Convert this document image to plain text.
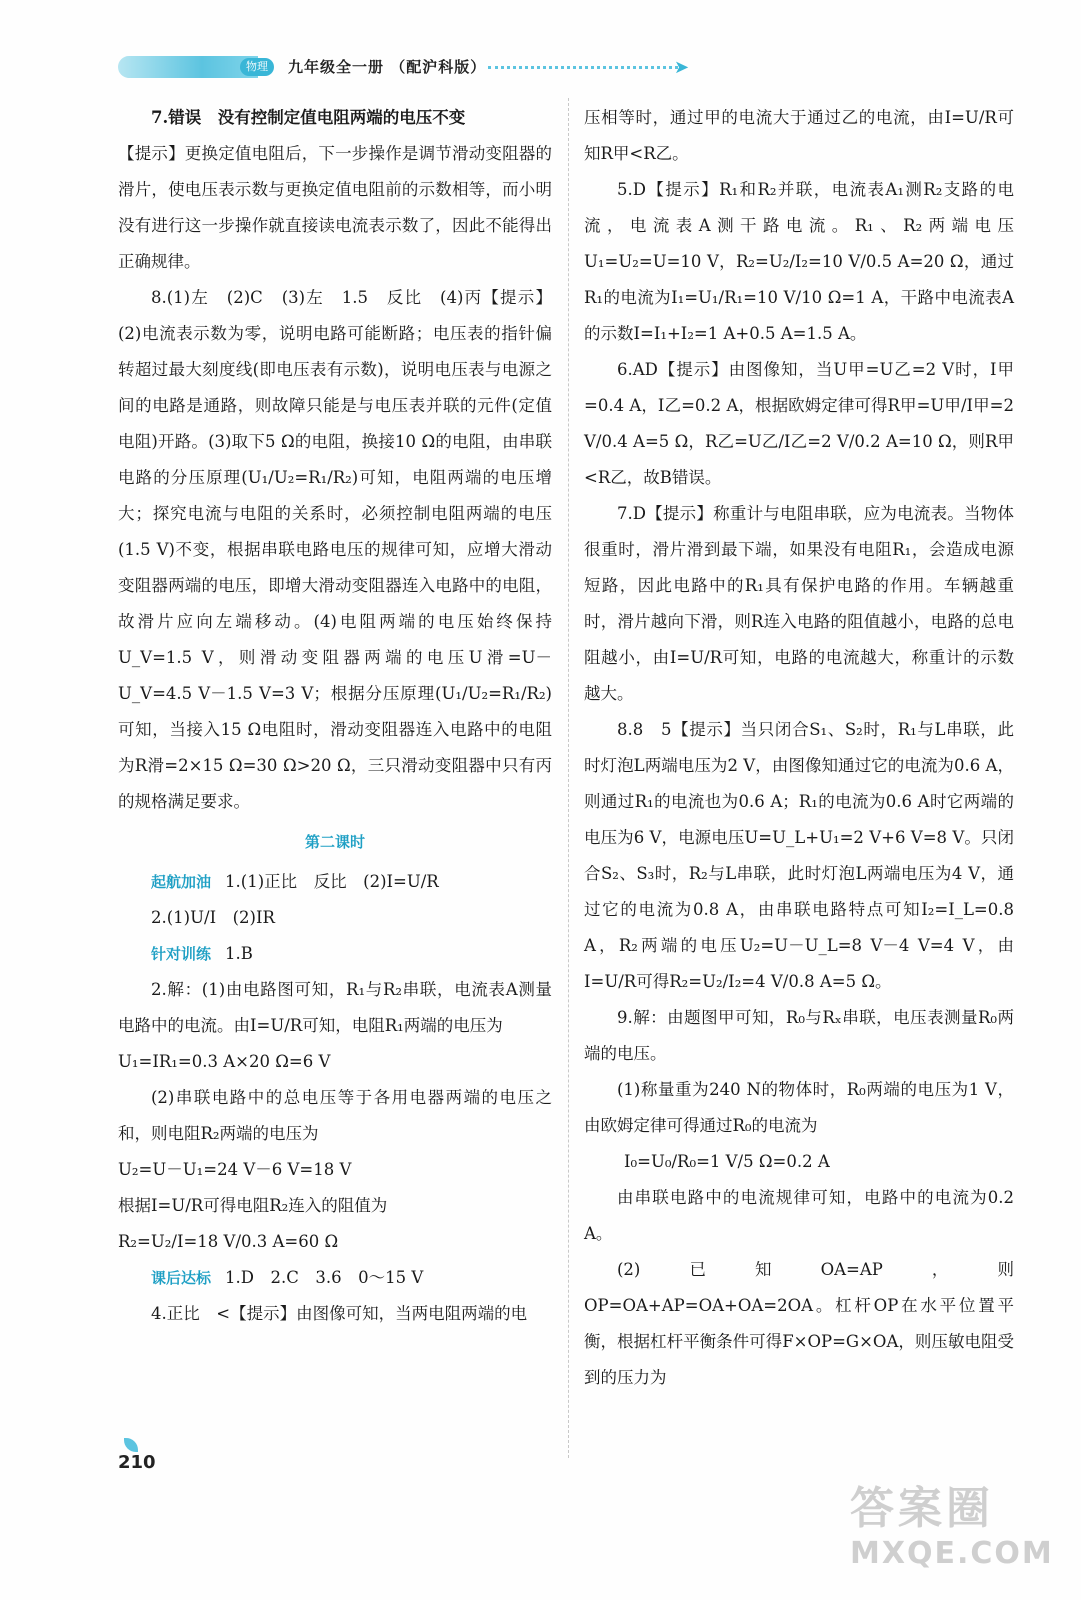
物理	九年级全一册 （配沪科版）	➤

7.错误　没有控制定值电阻两端的电压不变

【提示】更换定值电阻后，下一步操作是调节滑动变阻器的滑片，使电压表示数与更换定值电阻前的示数相等，而小明没有进行这一步操作就直接读电流表示数了，因此不能得出正确规律。

8.(1)左　(2)C　(3)左　1.5　反比　(4)丙【提示】(2)电流表示数为零，说明电路可能断路；电压表的指针偏转超过最大刻度线(即电压表有示数)，说明电压表与电源之间的电路是通路，则故障只能是与电压表并联的元件(定值电阻)开路。(3)取下5 Ω的电阻，换接10 Ω的电阻，由串联电路的分压原理(U₁/U₂=R₁/R₂)可知，电阻两端的电压增大；探究电流与电阻的关系时，必须控制电阻两端的电压(1.5 V)不变，根据串联电路电压的规律可知，应增大滑动变阻器两端的电压，即增大滑动变阻器连入电路中的电阻，故滑片应向左端移动。(4)电阻两端的电压始终保持U_V=1.5 V，则滑动变阻器两端的电压U滑=U－U_V=4.5 V－1.5 V=3 V；根据分压原理(U₁/U₂=R₁/R₂)可知，当接入15 Ω电阻时，滑动变阻器连入电路中的电阻为R滑=2×15 Ω=30 Ω>20 Ω，三只滑动变阻器中只有丙的规格满足要求。

第二课时

起航加油 1.(1)正比　反比　(2)I=U/R

2.(1)U/I　(2)IR

针对训练 1.B

2.解：(1)由电路图可知，R₁与R₂串联，电流表A测量电路中的电流。由I=U/R可知，电阻R₁两端的电压为

U₁=IR₁=0.3 A×20 Ω=6 V

(2)串联电路中的总电压等于各用电器两端的电压之和，则电阻R₂两端的电压为

U₂=U－U₁=24 V－6 V=18 V

根据I=U/R可得电阻R₂连入的阻值为

R₂=U₂/I=18 V/0.3 A=60 Ω

课后达标 1.D　2.C　3.6　0～15 V

4.正比　<【提示】由图像可知，当两电阻两端的电

压相等时，通过甲的电流大于通过乙的电流，由I=U/R可知R甲<R乙。

5.D【提示】R₁和R₂并联，电流表A₁测R₂支路的电流，电流表A测干路电流。R₁、R₂两端电压U₁=U₂=U=10 V，R₂=U₂/I₂=10 V/0.5 A=20 Ω，通过R₁的电流为I₁=U₁/R₁=10 V/10 Ω=1 A，干路中电流表A的示数I=I₁+I₂=1 A+0.5 A=1.5 A。

6.AD【提示】由图像知，当U甲=U乙=2 V时，I甲=0.4 A，I乙=0.2 A，根据欧姆定律可得R甲=U甲/I甲=2 V/0.4 A=5 Ω，R乙=U乙/I乙=2 V/0.2 A=10 Ω，则R甲<R乙，故B错误。

7.D【提示】称重计与电阻串联，应为电流表。当物体很重时，滑片滑到最下端，如果没有电阻R₁，会造成电源短路，因此电路中的R₁具有保护电路的作用。车辆越重时，滑片越向下滑，则R连入电路的阻值越小，电路的总电阻越小，由I=U/R可知，电路的电流越大，称重计的示数越大。

8.8　5【提示】当只闭合S₁、S₂时，R₁与L串联，此时灯泡L两端电压为2 V，由图像知通过它的电流为0.6 A，则通过R₁的电流也为0.6 A；R₁的电流为0.6 A时它两端的电压为6 V，电源电压U=U_L+U₁=2 V+6 V=8 V。只闭合S₂、S₃时，R₂与L串联，此时灯泡L两端电压为4 V，通过它的电流为0.8 A，由串联电路特点可知I₂=I_L=0.8 A，R₂两端的电压U₂=U－U_L=8 V－4 V=4 V，由I=U/R可得R₂=U₂/I₂=4 V/0.8 A=5 Ω。

9.解：由题图甲可知，R₀与Rₓ串联，电压表测量R₀两端的电压。

(1)称量重为240 N的物体时，R₀两端的电压为1 V，由欧姆定律可得通过R₀的电流为

I₀=U₀/R₀=1 V/5 Ω=0.2 A

由串联电路中的电流规律可知，电路中的电流为0.2 A。

(2)已知OA=AP，则OP=OA+AP=OA+OA=2OA。杠杆OP在水平位置平衡，根据杠杆平衡条件可得F×OP=G×OA，则压敏电阻受到的压力为

210
答案圈
MXQE.COM
